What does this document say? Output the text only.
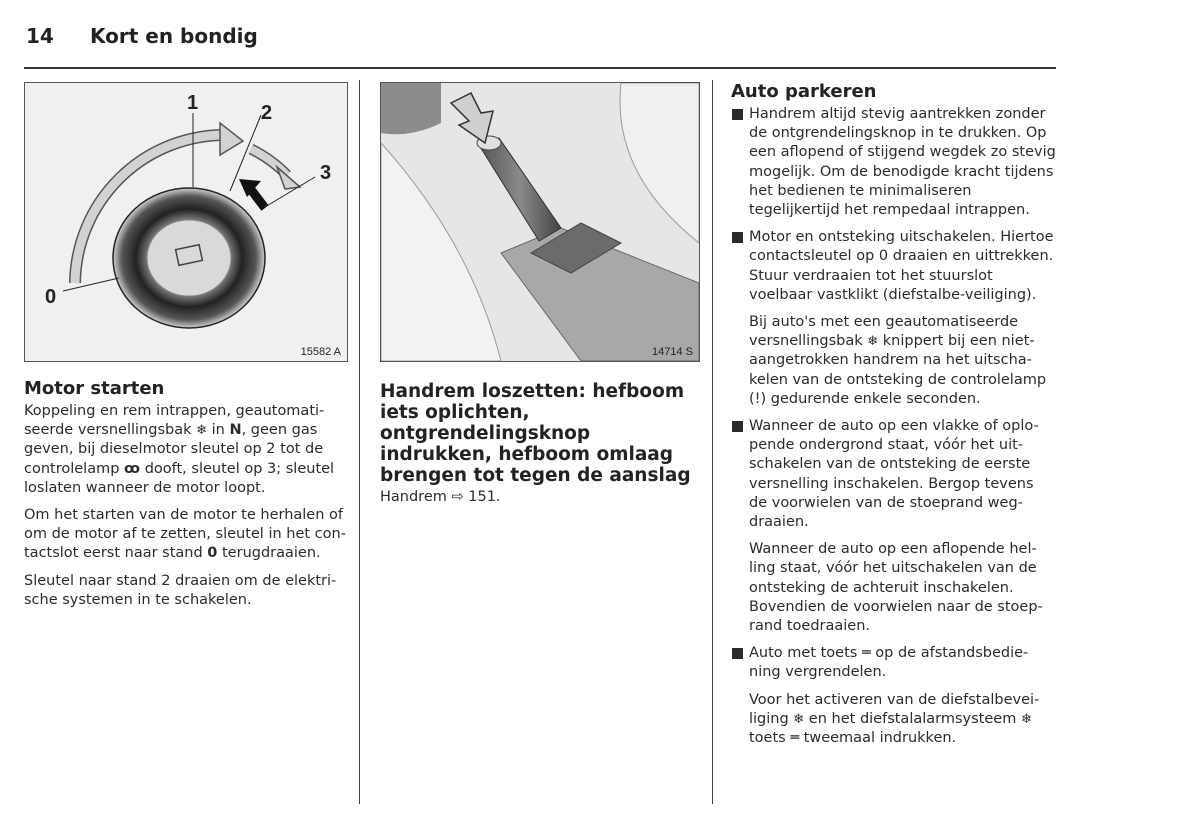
14 Kort en bondig
1	2
3
0
15582 A	14714 S
Motor starten

Koppeling en rem intrappen, geautomati-seerde versnellingsbak ❄ in N, geen gas geven, bij dieselmotor sleutel op 2 tot de controlelamp ꝏ dooft, sleutel op 3; sleutel loslaten wanneer de motor loopt.

Om het starten van de motor te herhalen of om de motor af te zetten, sleutel in het con-tactslot eerst naar stand 0 terugdraaien.

Sleutel naar stand 2 draaien om de elektri-sche systemen in te schakelen.

Handrem loszetten: hefboom iets oplichten, ontgrendelingsknop indrukken, hefboom omlaag brengen tot tegen de aanslag

Handrem ⇨ 151.

Auto parkeren
Handrem altijd stevig aantrekken zonder de ontgrendelingsknop in te drukken. Op een aflopend of stijgend wegdek zo stevig mogelijk. Om de benodigde kracht tijdens het bedienen te minimaliseren tegelijkertijd het rempedaal intrappen.
Motor en ontsteking uitschakelen. Hiertoe contactsleutel op 0 draaien en uittrekken. Stuur verdraaien tot het stuurslot voelbaar vastklikt (diefstalbe-veiliging).
Bij auto's met een geautomatiseerde versnellingsbak ❄ knippert bij een niet-aangetrokken handrem na het uitscha-kelen van de ontsteking de controlelamp (!) gedurende enkele seconden.
Wanneer de auto op een vlakke of oplo-pende ondergrond staat, vóór het uit-schakelen van de ontsteking de eerste versnelling inschakelen. Bergop tevens de voorwielen van de stoeprand weg-draaien.
Wanneer de auto op een aflopende hel-ling staat, vóór het uitschakelen van de ontsteking de achteruit inschakelen. Bovendien de voorwielen naar de stoep-rand toedraaien.
Auto met toets ═ op de afstandsbedie-ning vergrendelen.
Voor het activeren van de diefstalbevei-liging ❄ en het diefstalalarmsysteem ❄ toets ═ tweemaal indrukken.
